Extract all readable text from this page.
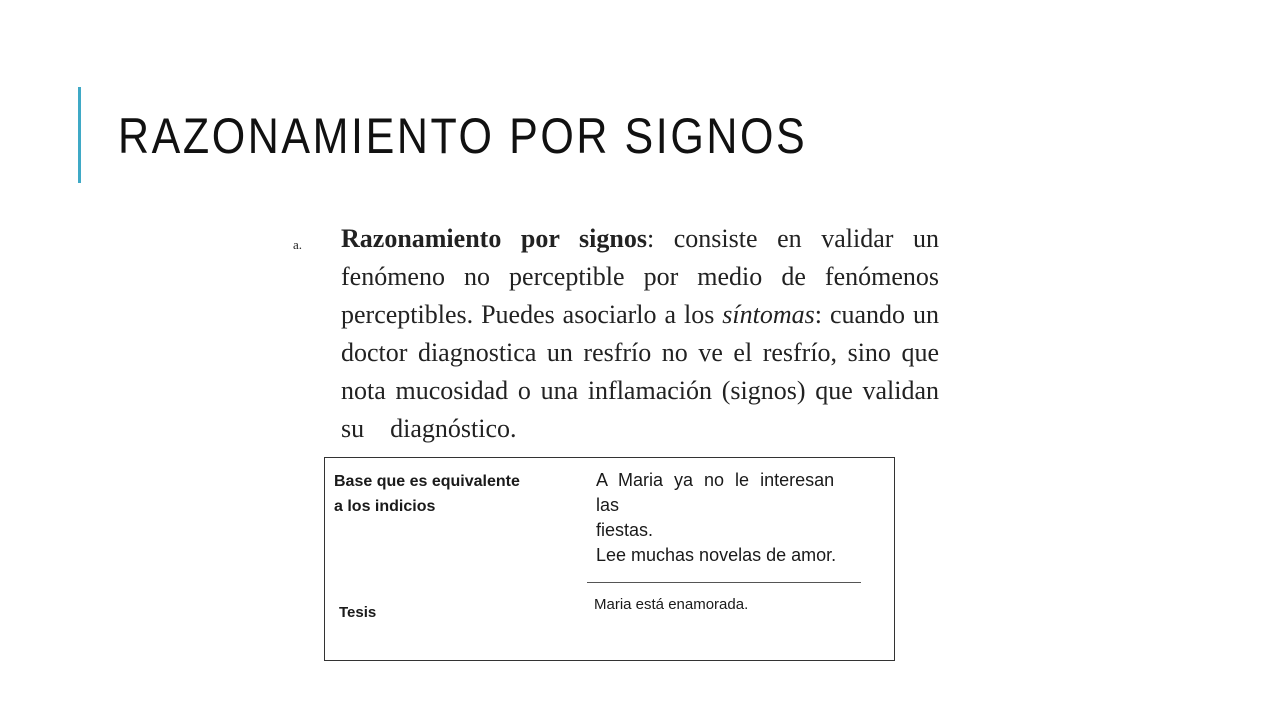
RAZONAMIENTO POR SIGNOS
a. Razonamiento por signos: consiste en validar un fenómeno no perceptible por medio de fenómenos perceptibles. Puedes asociarlo a los síntomas: cuando un doctor diagnostica un resfrío no ve el resfrío, sino que nota mucosidad o una inflamación (signos) que validan su    diagnóstico.
Base que es equivalente
a los indicios
A Maria ya no le interesan
las
fiestas.
Lee muchas novelas de amor.
Tesis	Maria está enamorada.
